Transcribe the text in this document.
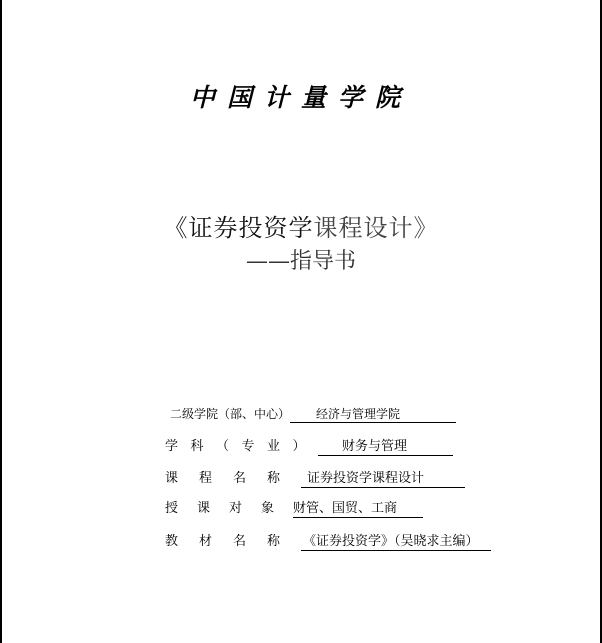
中国计量学院
《证券投资学课程设计》
——指导书
二级学院（部、中心） 经济与管理学院
学科（专业） 财务与管理
课程名称 证券投资学课程设计
授课对象财管、国贸、工商
教材名称 《证券投资学》（吴晓求主编）
